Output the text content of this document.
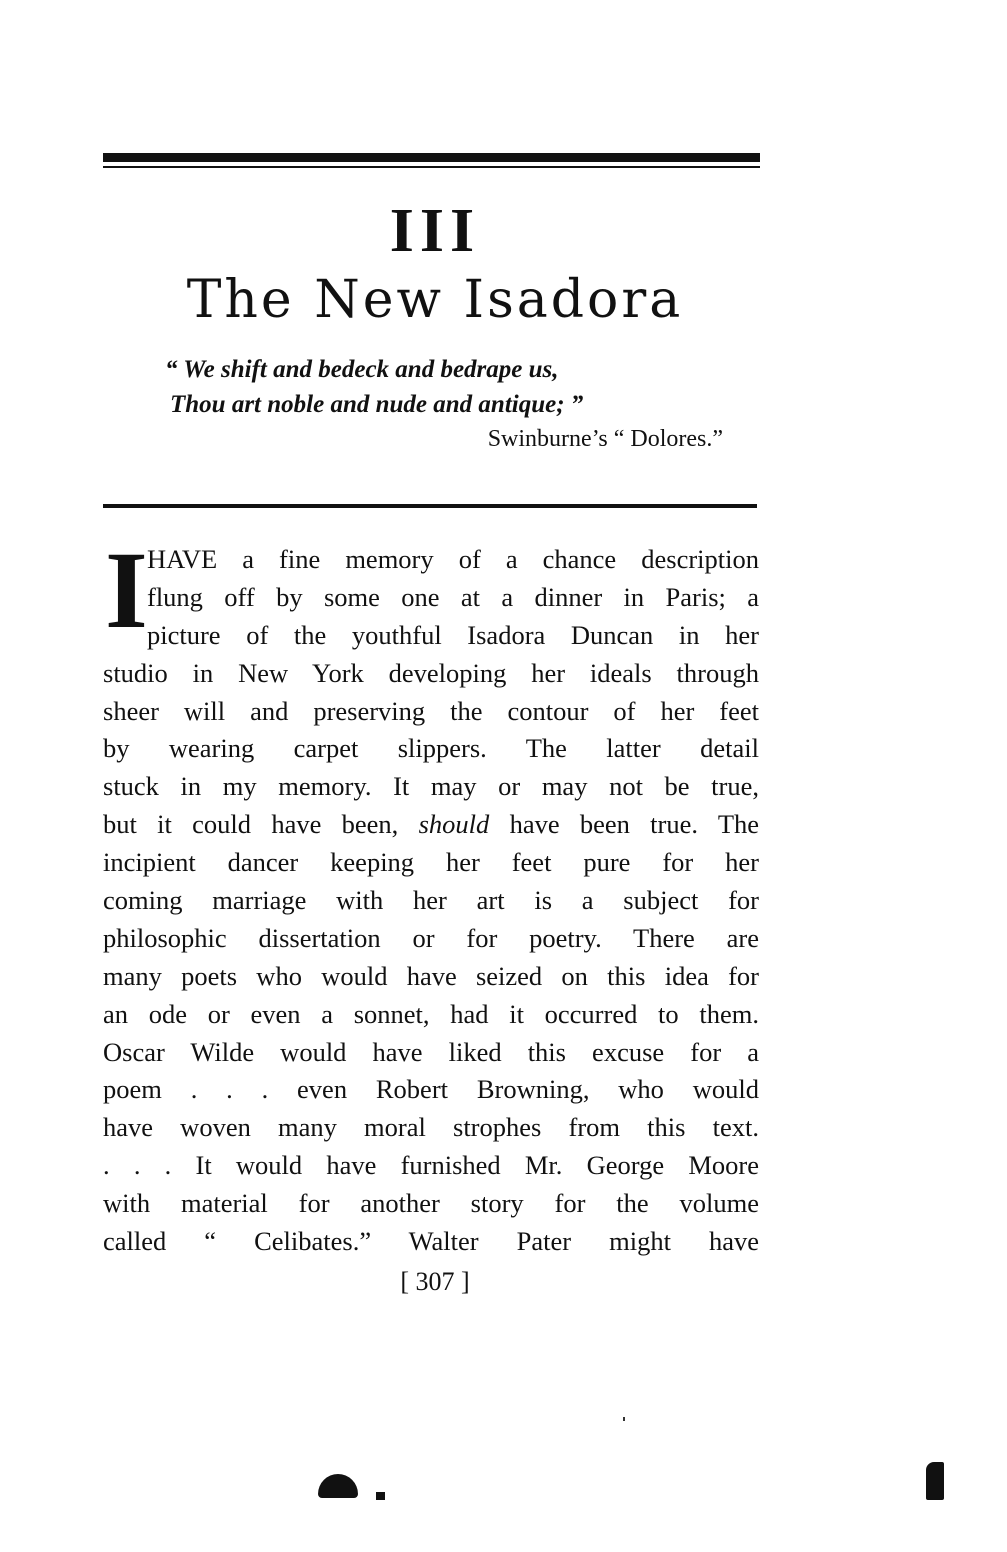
III
The New Isadora
“ We shift and bedeck and bedrape us,
Thou art noble and nude and antique; ”
Swinburne’s “ Dolores.”
I HAVE a fine memory of a chance description
flung off by some one at a dinner in Paris; a
picture of the youthful Isadora Duncan in her
studio in New York developing her ideals through
sheer will and preserving the contour of her feet
by wearing carpet slippers. The latter detail
stuck in my memory. It may or may not be true,
but it could have been, should have been true. The
incipient dancer keeping her feet pure for her
coming marriage with her art is a subject for
philosophic dissertation or for poetry. There are
many poets who would have seized on this idea for
an ode or even a sonnet, had it occurred to them.
Oscar Wilde would have liked this excuse for a
poem . . . even Robert Browning, who would
have woven many moral strophes from this text.
. . . It would have furnished Mr. George Moore
with material for another story for the volume
called “ Celibates.” Walter Pater might have
[ 307 ]
